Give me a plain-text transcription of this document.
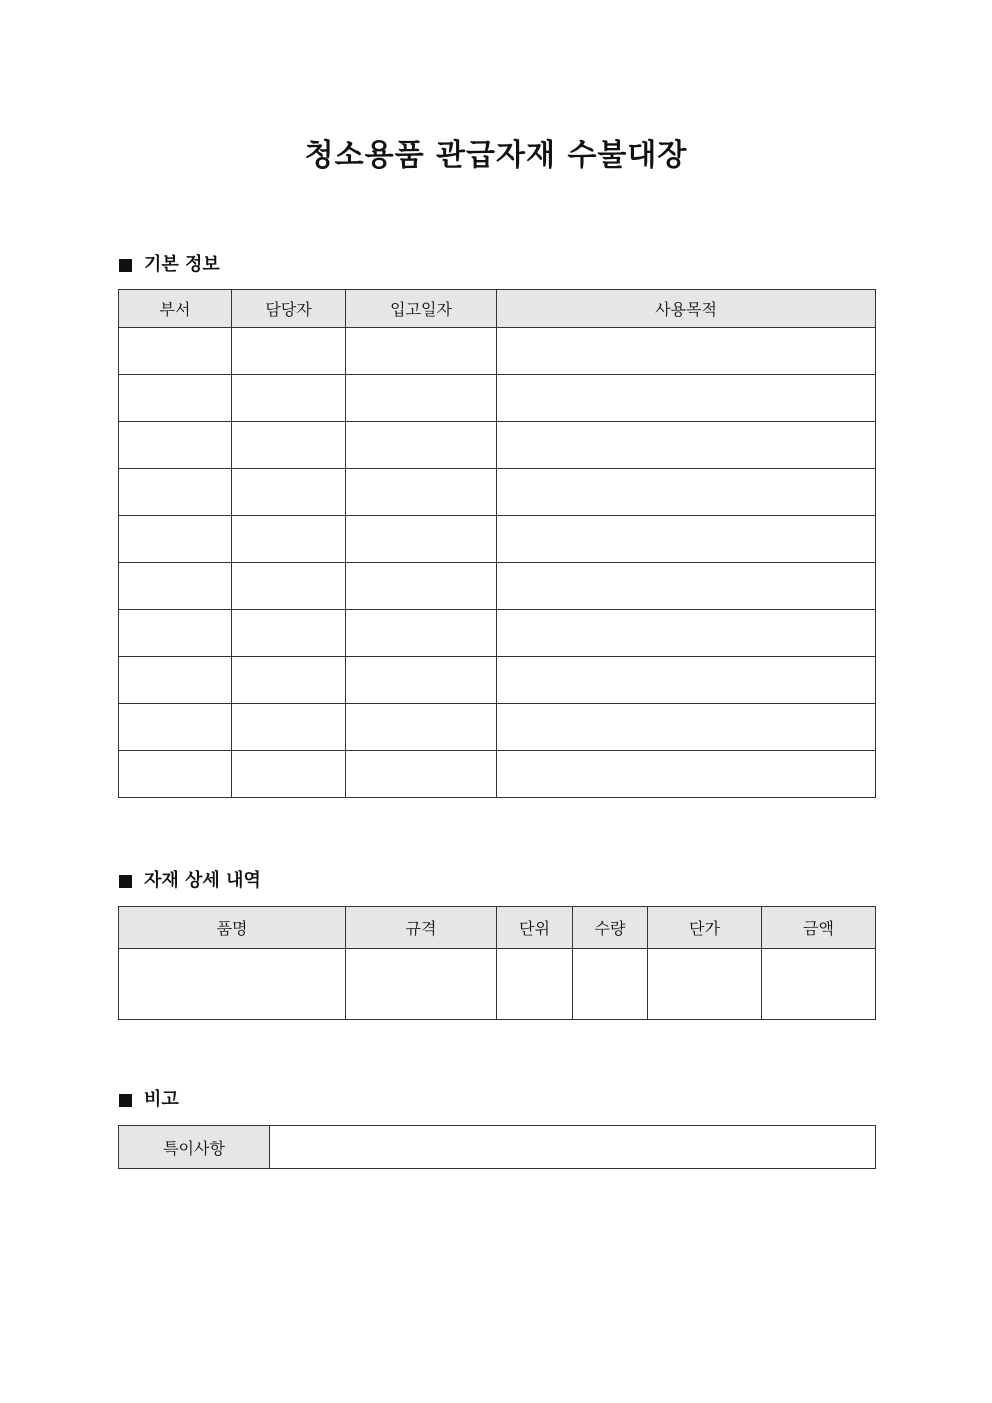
청소용품 관급자재 수불대장
기본 정보
부서	담당자	입고일자	사용목적

자재 상세 내역
품명	규격	단위	수량	단가	금액

비고
특이사항	
